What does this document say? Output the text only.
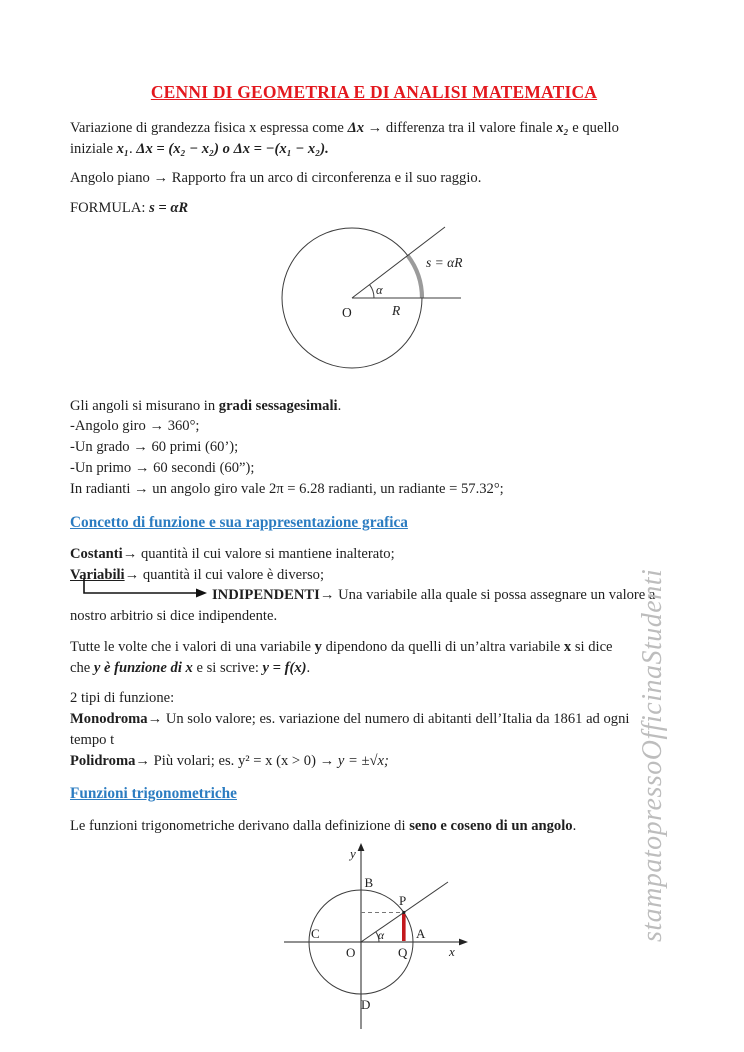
CENNI DI GEOMETRIA E DI ANALISI MATEMATICA

Variazione di grandezza fisica x espressa come Δx → differenza tra il valore finale x₂ e quello
iniziale x₁. Δx = (x₂ − x₂) o Δx = −(x₁ − x₂).

Angolo piano → Rapporto fra un arco di circonferenza e il suo raggio.

FORMULA: s = αR

α
s = αR
O	R
Gli angoli si misurano in gradi sessagesimali.
-Angolo giro → 360°;
-Un grado → 60 primi (60’);
-Un primo → 60 secondi (60”);
In radianti → un angolo giro vale 2π = 6.28 radianti, un radiante = 57.32°;
Concetto di funzione e sua rappresentazione grafica
Costanti→ quantità il cui valore si mantiene inalterato;
Variabili→ quantità il cui valore è diverso;
INDIPENDENTI→ Una variabile alla quale si possa assegnare un valore a
nostro arbitrio si dice indipendente.

Tutte le volte che i valori di una variabile y dipendono da quelli di un’altra variabile x si dice
che y è funzione di x e si scrive: y = f(x).

2 tipi di funzione:
Monodroma→ Un solo valore; es. variazione del numero di abitanti dell’Italia da 1861 ad ogni
tempo t
Polidroma→ Più volari; es. y² = x (x > 0) → y = ±√x;
Funzioni trigonometriche

Le funzioni trigonometriche derivano dalla definizione di seno e coseno di un angolo.

y
x
B
C	A
D
O	Q
P
α	stampatopressoOfficinaStudenti
